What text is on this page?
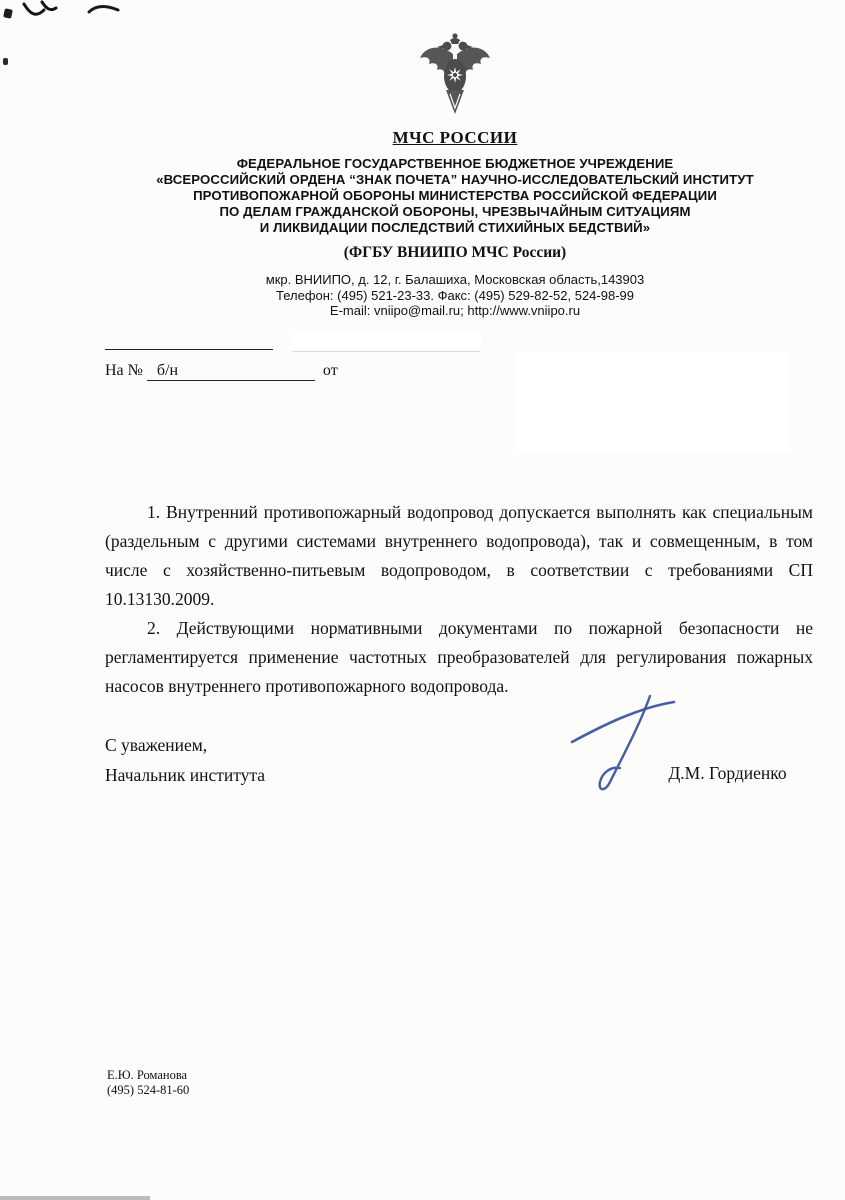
МЧС РОССИИ
ФЕДЕРАЛЬНОЕ ГОСУДАРСТВЕННОЕ БЮДЖЕТНОЕ УЧРЕЖДЕНИЕ
«ВСЕРОССИЙСКИЙ ОРДЕНА “ЗНАК ПОЧЕТА” НАУЧНО-ИССЛЕДОВАТЕЛЬСКИЙ ИНСТИТУТ
ПРОТИВОПОЖАРНОЙ ОБОРОНЫ МИНИСТЕРСТВА РОССИЙСКОЙ ФЕДЕРАЦИИ
ПО ДЕЛАМ ГРАЖДАНСКОЙ ОБОРОНЫ, ЧРЕЗВЫЧАЙНЫМ СИТУАЦИЯМ
И ЛИКВИДАЦИИ ПОСЛЕДСТВИЙ СТИХИЙНЫХ БЕДСТВИЙ»
(ФГБУ ВНИИПО МЧС России)
мкр. ВНИИПО, д. 12, г. Балашиха, Московская область,143903
Телефон: (495) 521-23-33. Факс: (495) 529-82-52, 524-98-99
E-mail: vniipo@mail.ru; http://www.vniipo.ru
На № б/н	от

1. Внутренний противопожарный водопровод допускается выполнять как специальным (раздельным с другими системами внутреннего водопровода), так и совмещенным, в том числе с хозяйственно-питьевым водопроводом, в соответствии с требованиями СП 10.13130.2009.

2. Действующими нормативными документами по пожарной безопасности не регламентируется применение частотных преобразователей для регулирования пожарных насосов внутреннего противопожарного водопровода.

С уважением,
Начальник института	Д.М. Гордиенко
Е.Ю. Романова
(495) 524-81-60
